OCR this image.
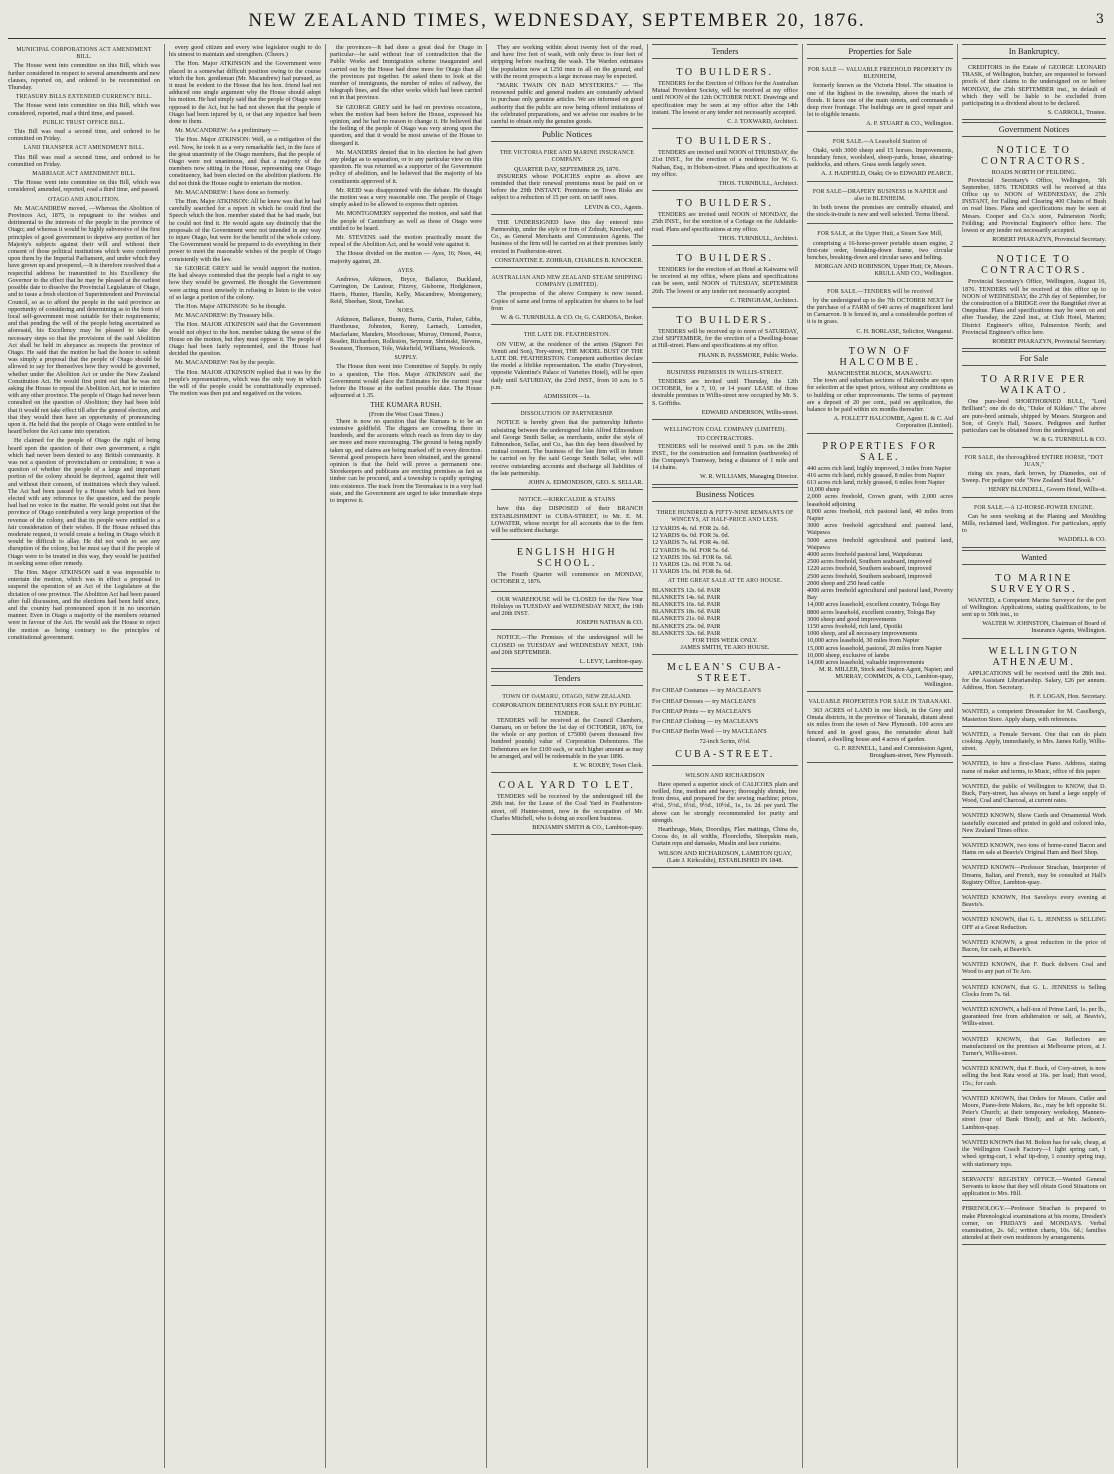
NEW ZEALAND TIMES, WEDNESDAY, SEPTEMBER 20, 1876.	3
MUNICIPAL CORPORATIONS ACT AMENDMENT BILL.

The House went into committee on this Bill, which was further considered in respect to several amendments and new clauses, reported on, and ordered to be recommitted on Thursday.

TREASURY BILLS EXTENDED CURRENCY BILL.

The House went into committee on this Bill, which was considered, reported, read a third time, and passed.

PUBLIC TRUST OFFICE BILL.

This Bill was read a second time, and ordered to be committed on Friday.

LAND TRANSFER ACT AMENDMENT BILL.

This Bill was read a second time, and ordered to be committed on Friday.

MARRIAGE ACT AMENDMENT BILL.

The House went into committee on this Bill, which was considered, amended, reported, read a third time, and passed.

OTAGO AND ABOLITION.

Mr. MACANDREW moved, —Whereas the Abolition of Provinces Act, 1875, is repugnant to the wishes and detrimental to the interests of the people in the province of Otago; and whereas it would be highly subversive of the first principles of good government to deprive any portion of her Majesty's subjects against their will and without their consent of those political institutions which were conferred upon them by the Imperial Parliament, and under which they have grown up and prospered,—It is therefore resolved that a respectful address be transmitted to his Excellency the Governor to the effect that he may be pleased at the earliest possible date to dissolve the Provincial Legislature of Otago, and to issue a fresh election of Superintendent and Provincial Council, so as to afford the people in the said province an opportunity of considering and determining as to the form of local self-government most suitable for their requirements; and that pending the will of the people being ascertained as aforesaid, his Excellency may be pleased to take the necessary steps so that the provisions of the said Abolition Act shall be held in abeyance as respects the province of Otago. He said that the motion he had the honor to submit was simply a proposal that the people of Otago should be allowed to say for themselves how they would be governed, whether under the Abolition Act or under the New Zealand Constitution Act. He would first point out that he was not asking the House to repeal the Abolition Act, nor to interfere with any other province. The people of Otago had never been consulted on the question of Abolition; they had been told that it would not take effect till after the general election, and that they would then have an opportunity of pronouncing upon it. He held that the people of Otago were entitled to be heard before the Act came into operation.

He claimed for the people of Otago the right of being heard upon the question of their own government, a right which had never been denied to any British community. It was not a question of provincialism or centralism; it was a question of whether the people of a large and important portion of the colony should be deprived, against their will and without their consent, of institutions which they valued. The Act had been passed by a House which had not been elected with any reference to the question, and the people had had no voice in the matter. He would point out that the province of Otago contributed a very large proportion of the revenue of the colony, and that its people were entitled to a fair consideration of their wishes. If the House refused this moderate request, it would create a feeling in Otago which it would be difficult to allay. He did not wish to see any disruption of the colony, but he must say that if the people of Otago were to be treated in this way, they would be justified in seeking some other remedy.

The Hon. Major ATKINSON said it was impossible to entertain the motion, which was in effect a proposal to suspend the operation of an Act of the Legislature at the dictation of one province. The Abolition Act had been passed after full discussion, and the elections had been held since, and the country had pronounced upon it in no uncertain manner. Even in Otago a majority of the members returned were in favour of the Act. He would ask the House to reject the motion as being contrary to the principles of constitutional government.

every good citizen and every wise legislator ought to do his utmost to maintain and strengthen. (Cheers.)

The Hon. Major ATKINSON and the Government were placed in a somewhat difficult position owing to the course which the hon. gentleman (Mr. Macandrew) had pursued, as it must be evident to the House that his hon. friend had not adduced one single argument why the House should adopt his motion. He had simply said that the people of Otago were opposed to the Act, but he had not shown that the people of Otago had been injured by it, or that any injustice had been done to them.

Mr. MACANDREW: As a preliminary —

The Hon. Major ATKINSON: Well, as a mitigation of the evil. Now, he took it as a very remarkable fact, in the face of the great unanimity of the Otago members, that the people of Otago were not unanimous, and that a majority of the members now sitting in the House, representing one Otago constituency, had been elected on the abolition platform. He did not think the House ought to entertain the motion.

Mr. MACANDREW: I have done so formerly.

The Hon. Major ATKINSON: All he knew was that he had carefully searched for a report in which he could find the Speech which the hon. member stated that he had made, but he could not find it. He would again say distinctly that the proposals of the Government were not intended in any way to injure Otago, but were for the benefit of the whole colony. The Government would be prepared to do everything in their power to meet the reasonable wishes of the people of Otago consistently with the law.

Sir GEORGE GREY said he would support the motion. He had always contended that the people had a right to say how they would be governed. He thought the Government were acting most unwisely in refusing to listen to the voice of so large a portion of the colony.

The Hon. Major ATKINSON: So he thought.

Mr. MACANDREW: By Treasury bills.

The Hon. MAJOR ATKINSON said that the Government would not object to the hon. member taking the sense of the House on the motion, but they must oppose it. The people of Otago had been fairly represented, and the House had decided the question.

Mr. MACANDREW: Not by the people.

The Hon. MAJOR ATKINSON replied that it was by the people's representatives, which was the only way in which the will of the people could be constitutionally expressed. The motion was then put and negatived on the voices.

the provinces—It had done a great deal for Otago in particular—he said without fear of contradiction that the Public Works and Immigration scheme inaugurated and carried out by the House had done more for Otago than all the provinces put together. He asked them to look at the number of immigrants, the number of miles of railway, the telegraph lines, and the other works which had been carried out in that province.

Sir GEORGE GREY said he had on previous occasions, when the motion had been before the House, expressed his opinion, and he had no reason to change it. He believed that the feeling of the people of Otago was very strong upon the question, and that it would be most unwise of the House to disregard it.

Mr. MANDERS denied that in his election he had given any pledge as to separation, or to any particular view on this question. He was returned as a supporter of the Government policy of abolition, and he believed that the majority of his constituents approved of it.

Mr. REID was disappointed with the debate. He thought the motion was a very reasonable one. The people of Otago simply asked to be allowed to express their opinion.

Mr. MONTGOMERY supported the motion, and said that the people of Canterbury as well as those of Otago were entitled to be heard.

Mr. STEVENS said the motion practically meant the repeal of the Abolition Act, and he would vote against it.

The House divided on the motion — Ayes, 16; Noes, 44; majority against, 28.

AYES.

Andrews, Atkinson, Bryce, Ballance, Buckland, Carrington, De Lautour, Fitzroy, Gisborne, Hodgkinson, Harris, Hunter, Hamlin, Kelly, Macandrew, Montgomery, Reid, Sheehan, Stout, Tawhai.

NOES.

Atkinson, Ballance, Bunny, Burns, Curtis, Fisher, Gibbs, Hursthouse, Johnston, Kenny, Larnach, Lumsden, Macfarlane, Manders, Moorhouse, Murray, Ormond, Pearce, Reader, Richardson, Rolleston, Seymour, Shrimski, Stevens, Swanson, Thomson, Tole, Wakefield, Williams, Woolcock.

SUPPLY.

The House then went into Committee of Supply. In reply to a question, The Hon. Major ATKINSON said the Government would place the Estimates for the current year before the House at the earliest possible date. The House adjourned at 1.35.

THE KUMARA RUSH.
(From the West Coast Times.)

There is now no question that the Kumara is to be an extensive goldfield. The diggers are crowding there in hundreds, and the accounts which reach us from day to day are more and more encouraging. The ground is being rapidly taken up, and claims are being marked off in every direction. Several good prospects have been obtained, and the general opinion is that the field will prove a permanent one. Storekeepers and publicans are erecting premises as fast as timber can be procured, and a township is rapidly springing into existence. The track from the Teremakau is in a very bad state, and the Government are urged to take immediate steps to improve it.

They are working within about twenty feet of the road, and have five feet of wash, with only three to four feet of stripping before reaching the wash. The Warden estimates the population now at 1250 men in all on the ground, and with the recent prospects a large increase may be expected.

"MARK TWAIN ON BAD MYSTERIES." — The renowned public and general readers are constantly advised to purchase only genuine articles. We are informed on good authority that the public are now being offered imitations of the celebrated preparations, and we advise our readers to be careful to obtain only the genuine goods.

Public Notices
THE VICTORIA FIRE AND MARINE INSURANCE COMPANY.
QUARTER DAY, SEPTEMBER 29, 1876.

INSURERS whose POLICIES expire as above are reminded that their renewal premiums must be paid on or before the 29th INSTANT. Premiums on Town Risks are subject to a reduction of 15 per cent. on tariff rates.

LEVIN & CO., Agents.

THE UNDERSIGNED have this day entered into Partnership, under the style or firm of Zohrab, Knocker, and Co., as General Merchants and Commission Agents. The business of the firm will be carried on at their premises lately erected in Featherston-street.

CONSTANTINE E. ZOHRAB, CHARLES B. KNOCKER.
AUSTRALIAN AND NEW ZEALAND STEAM SHIPPING COMPANY (LIMITED).

The prospectus of the above Company is now issued. Copies of same and forms of application for shares to be had from

W. & G. TURNBULL & CO. Or, G. CARDOSA, Broker.
THE LATE DR. FEATHERSTON.

ON VIEW, at the residence of the artists (Signori Fei Venuti and Son), Tory-street, THE MODEL BUST OF THE LATE DR. FEATHERSTON. Competent authorities declare the model a lifelike representation. The studio (Tory-street, opposite Valentine's Palace of Varieties Hotel), will be open daily until SATURDAY, the 23rd INST., from 10 a.m. to 5 p.m.

ADMISSION—1s.
DISSOLUTION OF PARTNERSHIP.

NOTICE is hereby given that the partnership hitherto subsisting between the undersigned John Alfred Edmondson and George Smith Sellar, as merchants, under the style of Edmondson, Sellar, and Co., has this day been dissolved by mutual consent. The business of the late firm will in future be carried on by the said George Smith Sellar, who will receive outstanding accounts and discharge all liabilities of the late partnership.

JOHN A. EDMONDSON, GEO. S. SELLAR.
NOTICE.—KIRKCALDIE & STAINS

have this day DISPOSED of their BRANCH ESTABLISHMENT in CUBA-STREET, to Mr. E. M. LOWATER, whose receipt for all accounts due to the firm will be sufficient discharge.

ENGLISH HIGH SCHOOL.

The Fourth Quarter will commence on MONDAY, OCTOBER 2, 1876.

OUR WAREHOUSE will be CLOSED for the New Year Holidays on TUESDAY and WEDNESDAY NEXT, the 19th and 20th INST.

JOSEPH NATHAN & CO.

NOTICE.—The Premises of the undersigned will be CLOSED on TUESDAY and WEDNESDAY NEXT, 19th and 20th SEPTEMBER.

L. LEVY, Lambton-quay.
Tenders
TOWN OF OAMARU, OTAGO, NEW ZEALAND.
CORPORATION DEBENTURES FOR SALE BY PUBLIC TENDER.

TENDERS will be received at the Council Chambers, Oamaru, on or before the 1st day of OCTOBER, 1876, for the whole or any portion of £75000 (seven thousand five hundred pounds) value of Corporation Debentures. The Debentures are for £100 each, or such higher amount as may be arranged, and will be redeemable in the year 1896.

E. W. ROXBY, Town Clerk.
COAL YARD TO LET.

TENDERS will be received by the undersigned till the 26th inst. for the Lease of the Coal Yard in Featherston-street, off Hunter-street, now in the occupation of Mr. Charles Mitchell, who is doing an excellent business.

BENJAMIN SMITH & CO., Lambton-quay.
Tenders
TO BUILDERS.

TENDERS for the Erection of Offices for the Australian Mutual Provident Society, will be received at my office until NOON of the 12th OCTOBER NEXT. Drawings and specification may be seen at my office after the 14th instant. The lowest or any tender not necessarily accepted.

C. J. TOXWARD, Architect.
TO BUILDERS.

TENDERS are invited until NOON of THURSDAY, the 21st INST., for the erection of a residence for W. G. Nathan, Esq., in Hobson-street. Plans and specifications at my office.

THOS. TURNBULL, Architect.
TO BUILDERS.

TENDERS are invited until NOON of MONDAY, the 25th INST., for the erection of a Cottage on the Adelaide-road. Plans and specifications at my office.

THOS. TURNBULL, Architect.
TO BUILDERS.

TENDERS for the erection of an Hotel at Kaiwarra will be received at my office, where plans and specifications can be seen, until NOON of TUESDAY, SEPTEMBER 26th. The lowest or any tender not necessarily accepted.

C. TRINGHAM, Architect.
TO BUILDERS.

TENDERS will be received up to noon of SATURDAY, 23rd SEPTEMBER, for the erection of a Dwelling-house at Hill-street. Plans and specifications at my office.

FRANK B. PASSMORE, Public Works.
BUSINESS PREMISES IN WILLIS-STREET.

TENDERS are invited until Thursday, the 12th OCTOBER, for a 7, 10, or 14 years' LEASE of those desirable premises in Willis-street now occupied by Mr. S. S. Griffiths.

EDWARD ANDERSON, Willis-street.
WELLINGTON COAL COMPANY (LIMITED).
TO CONTRACTORS.

TENDERS will be received until 5 p.m. on the 28th INST., for the construction and formation (earthworks) of the Company's Tramway, being a distance of 1 mile and 14 chains.

W. R. WILLIAMS, Managing Director.
Business Notices
THREE HUNDRED & FIFTY-NINE REMNANTS OF WINCEYS, AT HALF-PRICE AND LESS.
12 YARDS 4s. 6d. FOR 2s. 6d.
12 YARDS 6s. 0d. FOR 3s. 0d.
12 YARDS 7s. 6d. FOR 4s. 0d.
12 YARDS 9s. 0d. FOR 5s. 6d.
12 YARDS 10s. 6d. FOR 6s. 6d.
11 YARDS 12s. 0d. FOR 7s. 6d.
11 YARDS 15s. 0d. FOR 8s. 6d.
AT THE GREAT SALE AT TE ARO HOUSE.
BLANKETS 12s. 6d. PAIR
BLANKETS 14s. 6d. PAIR
BLANKETS 16s. 6d. PAIR
BLANKETS 18s. 6d. PAIR
BLANKETS 21s. 0d. PAIR
BLANKETS 25s. 0d. PAIR
BLANKETS 32s. 6d. PAIR
FOR THIS WEEK ONLY.
JAMES SMITH, TE ARO HOUSE.
McLEAN'S CUBA-STREET.
For CHEAP Costumes — try MACLEAN'S
For CHEAP Dresses — try MACLEAN'S
For CHEAP Prints — try MACLEAN'S
For CHEAP Clothing — try MACLEAN'S
For CHEAP Berlin Wool — try MACLEAN'S
72-inch Scrim, 6½d.
CUBA-STREET.
WILSON AND RICHARDSON

Have opened a superior stock of CALICOES plain and twilled, fine, medium and heavy; thoroughly shrunk, free from dress, and prepared for the sewing machine; prices, 4½d., 5½d., 6½d., 9½d., 10½d., 1s., 1s. 2d. per yard. The above can be strongly recommended for purity and strength.

Hearthrugs, Mats, Doorslips, Flax mattings, China do, Cocoa do, in all widths, Floorcloths, Sheepskin mats, Curtain reps and damasks, Muslin and lace curtains.

WILSON AND RICHARDSON, LAMBTON QUAY, (Late J. Kirkcaldie), ESTABLISHED IN 1848.
Properties for Sale
FOR SALE — VALUABLE FREEHOLD PROPERTY IN BLENHEIM,

formerly known as the Victoria Hotel. The situation is one of the highest in the township, above the reach of floods. It faces one of the main streets, and commands a deep river frontage. The buildings are in good repair and let to eligible tenants.

A. P. STUART & CO., Wellington.
FOR SALE.—A Leasehold Station of

Otaki, with 3000 sheep and 15 horses. Improvements, boundary fence, woolshed, sheep-yards, house, shearing-paddocks, and others. Grass seeds largely sown.

A. J. HADFIELD, Otaki; Or to EDWARD PEARCE.
FOR SALE—DRAPERY BUSINESS in NAPIER and also in BLENHEIM.

In both towns the premises are centrally situated, and the stock-in-trade is new and well selected. Terms liberal.

FOR SALE, at the Upper Hutt, a Steam Saw Mill,

comprising a 16-horse-power portable steam engine, 2 first-rate order, breaking-down frame, two circular benches, breaking-down and circular saws and belting.

MORGAN AND ROBINSON, Upper Hutt; Or, Messrs. KRULL AND CO., Wellington.
FOR SALE.—TENDERS will be received

by the undersigned up to the 7th OCTOBER NEXT for the purchase of a FARM of 640 acres of magnificent land in Carnarvon. It is fenced in, and a considerable portion of it is in grass.

C. H. BORLASE, Solicitor, Wanganui.
TOWN OF HALCOMBE.
MANCHESTER BLOCK, MANAWATU.

The town and suburban sections of Halcombe are open for selection at the upset prices, without any conditions as to building or other improvements. The terms of payment are a deposit of 20 per cent., paid on application, the balance to be paid within six months thereafter.

A. FOLLETT HALCOMBE, Agent E. & C. Aid Corporation (Limited).
PROPERTIES FOR SALE.
440 acres rich land, highly improved, 3 miles from Napier
416 acres rich land, richly grassed, 8 miles from Napier
613 acres rich land, richly grassed, 6 miles from Napier
10,000 sheep
2,000 acres freehold, Crown grant, with 2,000 acres leasehold adjoining
8,000 acres freehold, rich pastoral land, 40 miles from Napier
3000 acres freehold agricultural and pastoral land, Waipawa
5000 acres freehold agricultural and pastoral land, Waipawa
4000 acres freehold pastoral land, Waipukurau
2500 acres freehold, Southern seaboard, improved
1220 acres freehold, Southern seaboard, improved
2500 acres freehold, Southern seaboard, improved
2000 sheep and 250 head cattle
4000 acres freehold agricultural and pastoral land, Poverty Bay
14,000 acres leasehold, excellent country, Tologa Bay
8800 acres leasehold, excellent country, Tologa Bay
3000 sheep and good improvements
1150 acres freehold, rich land, Opotiki
1000 sheep, and all necessary improvements
10,000 acres leasehold, 30 miles from Napier
15,000 acres leasehold, pastoral, 20 miles from Napier
10,000 sheep, exclusive of lambs
14,000 acres leasehold, valuable improvements
M. R. MILLER, Stock and Station Agent, Napier; and MURRAY, COMMON, & CO., Lambton-quay, Wellington.
VALUABLE PROPERTIES FOR SALE IN TARANAKI.

363 ACRES of LAND in one block, in the Grey and Omata districts, in the province of Taranaki, distant about six miles from the town of New Plymouth. 100 acres are fenced and in good grass, the remainder about half cleared, a dwelling house and 4 acres of garden.

G. F. RENNELL, Land and Commission Agent, Brougham-street, New Plymouth.
In Bankruptcy.

CREDITORS in the Estate of GEORGE LEONARD TRASK, of Wellington, butcher, are requested to forward proofs of their claims to the undersigned on or before MONDAY, the 25th SEPTEMBER inst., in default of which they will be liable to be excluded from participating in a dividend about to be declared.

S. CARROLL, Trustee.
Government Notices
NOTICE TO CONTRACTORS.
ROADS NORTH OF FEILDING.

Provincial Secretary's Office, Wellington, 5th September, 1876. TENDERS will be received at this Office up to NOON of WEDNESDAY, the 27th INSTANT, for Falling and Clearing 400 Chains of Bush on road lines. Plans and specifications may be seen at Messrs. Cooper and Co.'s store, Palmerston North; Feilding; and Provincial Engineer's office here. The lowest or any tender not necessarily accepted.

ROBERT PHARAZYN, Provincial Secretary.
NOTICE TO CONTRACTORS.

Provincial Secretary's Office, Wellington, August 16, 1876. TENDERS will be received at this office up to NOON of WEDNESDAY, the 27th day of September, for the construction of a BRIDGE over the Rangitikei river at Onepuhue. Plans and specifications may be seen on and after Tuesday, the 22nd inst., at Club Hotel, Marton; District Engineer's office, Palmerston North; and Provincial Engineer's office here.

ROBERT PHARAZYN, Provincial Secretary.
For Sale
TO ARRIVE PER WAIKATO.

One pure-bred SHORTHORNED BULL, "Lord Brilliant"; one do do do, "Duke of Kildare." The above are pure-bred animals, shipped by Messrs. Sturgeon and Son, of Grey's Hall, Sussex. Pedigrees and further particulars can be obtained from the undersigned.

W. & G. TURNBULL & CO.
FOR SALE, the thoroughbred ENTIRE HORSE, "DOT JUAN,"

rising six years, dark brown, by Diamedes, out of Sweep. For pedigree vide "New Zealand Stud Book."

HENRY BLUNDELL, Govern Hotel, Willis-st.
FOR SALE.—A 12-HORSE-POWER ENGINE.

Can be seen working at the Planing and Moulding Mills, reclaimed land, Wellington. For particulars, apply to

WADDELL & CO.
Wanted
TO MARINE SURVEYORS.

WANTED, a Competent Marine Surveyor for the port of Wellington. Applications, stating qualifications, to be sent up to 30th inst., to

WALTER W. JOHNSTON, Chairman of Board of Insurance Agents, Wellington.
WELLINGTON ATHENÆUM.

APPLICATIONS will be received until the 28th inst. for the Assistant Librarianship. Salary, £26 per annum. Address, Hon. Secretary.

H. F. LOGAN, Hon. Secretary.
WANTED, a competent Dressmaker for M. Caselberg's, Masterton Store. Apply sharp, with references.
WANTED, a Female Servant. One that can do plain cooking. Apply, immediately, to Mrs. James Kelly, Willis-street.
WANTED, to hire a first-class Piano. Address, stating name of maker and terms, to Music, office of this paper.
WANTED, the public of Wellington to KNOW, that D. Buck, Fury-street, has always on hand a large supply of Wood, Coal and Charcoal, at current rates.
WANTED KNOWN, Show Cards and Ornamental Work tastefully executed and printed in gold and colored inks, New Zealand Times office.
WANTED KNOWN, two tons of home-cured Bacon and Hams on sale at Beavis's Original Ham and Beef Shop.
WANTED KNOWN—Professor Strachan, Interpreter of Dreams, Italian, and French, may be consulted at Hall's Registry Office, Lambton-quay.
WANTED KNOWN, Hot Saveloys every evening at Beavis's.
WANTED KNOWN, that G. L. JENNESS is SELLING OFF at a Great Reduction.
WANTED KNOWN, a great reduction in the price of Bacon, for cash, at Beavis's.
WANTED KNOWN, that F. Buck delivers Coal and Wood to any part of Te Aro.
WANTED KNOWN, that G. L. JENNESS is Selling Clocks from 7s. 6d.
WANTED KNOWN, a half-ton of Prime Lard, 1s. per lb., guaranteed free from adulteration or salt, at Beavis's, Willis-street.
WANTED KNOWN, that Gas Reflectors are manufactured on the premises at Melbourne prices, at J. Turner's, Willis-street.
WANTED KNOWN, that F. Buck, of Cory-street, is now selling the best Rata wood at 16s. per load; Hutt wood, 15s.; for cash.
WANTED KNOWN, that Orders for Messrs. Cutler and Moore, Piano-forte Makers, &c., may be left opposite St. Peter's Church; at their temporary workshop, Manners-street (rear of Bank Hotel); and at Mr. Jackson's, Lambton-quay.
WANTED KNOWN that M. Bolton has for sale, cheap, at the Wellington Coach Factory—1 light spring cart, 1 wheel spring-cart, 1 whaf tip-dray, 1 country spring trap, with stationary tops.
SERVANTS' REGISTRY OFFICE.—Wanted General Servants to know that they will obtain Good Situations on application to Mrs. Hill.
PHRENOLOGY.—Professor Strachan is prepared to make Phrenological examinations at his rooms, Dresden's corner, on FRIDAYS and MONDAYS. Verbal examination, 2s. 6d.; written charts, 10s. 6d.; families attended at their own residences by arrangements.
